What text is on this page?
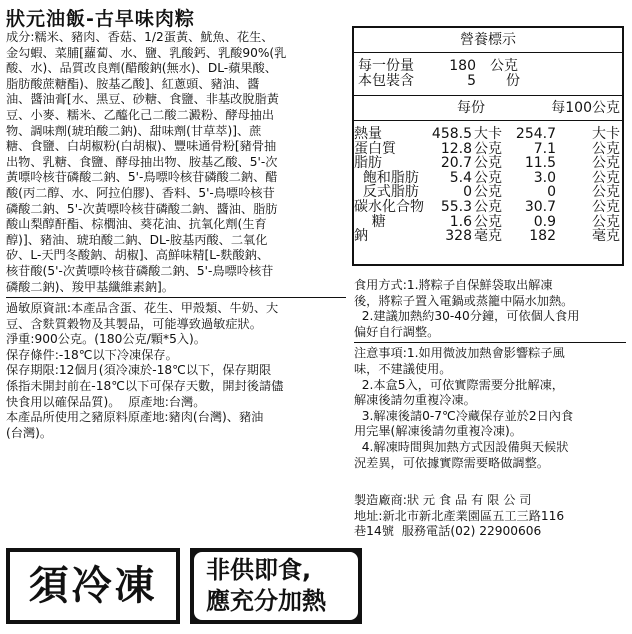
狀元油飯-古早味肉粽

成分:糯米、豬肉、香菇、1/2蛋黃、魷魚、花生、
金勾蝦、菜脯[蘿蔔、水、鹽、乳酸鈣、乳酸90%(乳
酸、水)、品質改良劑(醋酸鈉(無水)、DL-蘋果酸、
脂肪酸蔗糖酯)、胺基乙酸]、紅蔥頭、豬油、醬
油、醬油膏[水、黑豆、砂糖、食鹽、非基改脫脂黃
豆、小麥、糯米、乙醯化己二酸二澱粉、酵母抽出
物、調味劑(琥珀酸二鈉)、甜味劑(甘草萃)]、蔗
糖、食鹽、白胡椒粉(白胡椒)、豐味通骨粉[豬骨抽
出物、乳糖、食鹽、酵母抽出物、胺基乙酸、5'-次
黃嘌呤核苷磷酸二鈉、5'-鳥嘌呤核苷磷酸二鈉、醋
酸(丙二醇、水、阿拉伯膠)、香料、5'-鳥嘌呤核苷
磷酸二鈉、5'-次黃嘌呤核苷磷酸二鈉、醬油、脂肪
酸山梨醇酐酯、棕櫚油、葵花油、抗氧化劑(生育
醇)]、豬油、琥珀酸二鈉、DL-胺基丙酸、二氧化
矽、L-天門冬酸鈉、胡椒]、高鮮味精[L-麩酸鈉、
核苷酸(5'-次黃嘌呤核苷磷酸二鈉、5'-鳥嘌呤核苷
磷酸二鈉)、羧甲基纖維素鈉]。

過敏原資訊:本產品含蛋、花生、甲殼類、牛奶、大
豆、含麩質穀物及其製品，可能導致過敏症狀。

淨重:900公克。(180公克/顆*5入)。

保存條件:-18℃以下冷凍保存。

保存期限:12個月(須冷凍於-18℃以下，保存期限
係指未開封前在-18℃以下可保存天數，開封後請儘
快食用以確保品質)。  原產地:台灣。

本產品所使用之豬原料原產地:豬肉(台灣)、豬油
(台灣)。

營養標示
每一份量	180	公克
本包裝含	5	份
每份	每100公克
熱量	458.5 大卡 254.7	大卡
蛋白質	12.8 公克	7.1	公克
脂肪	20.7 公克	11.5	公克
飽和脂肪	5.4 公克	3.0	公克
反式脂肪	0 公克	0	公克
碳水化合物	55.3 公克	30.7	公克
糖	1.6 公克	0.9	公克
鈉	328 毫克	182	毫克

食用方式:1.將粽子自保鮮袋取出解凍
後，將粽子置入電鍋或蒸籠中隔水加熱。
2.建議加熱約30-40分鐘，可依個人食用
偏好自行調整。

注意事項:1.如用微波加熱會影響粽子風
味，不建議使用。
2.本盒5入，可依實際需要分批解凍，
解凍後請勿重複冷凍。
3.解凍後請0-7℃冷藏保存並於2日內食
用完畢(解凍後請勿重複冷凍)。
4.解凍時間與加熱方式因設備與天候狀
況差異，可依據實際需要略做調整。

製造廠商:狀 元 食 品 有 限 公 司

地址:新北市新北產業園區五工三路116
巷14號  服務電話(02) 22900606

須冷凍	非供即食,
應充分加熱
